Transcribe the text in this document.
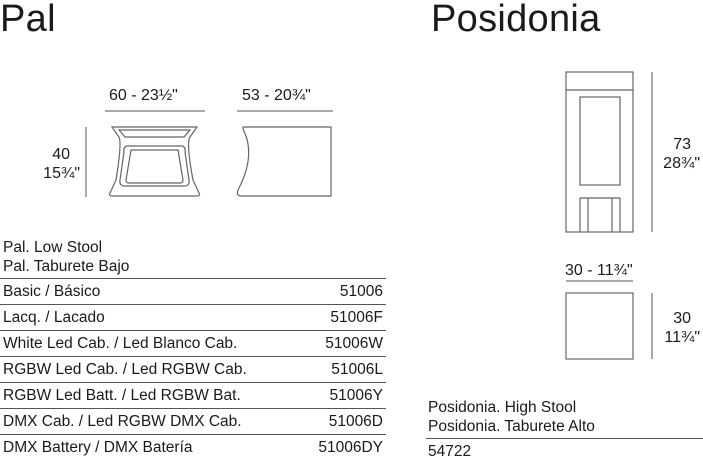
Pal
60 - 23½"	53 - 20¾"
40
15¾"
Pal. Low Stool
Pal. Taburete Bajo
Basic / Básico	51006
Lacq. / Lacado	51006F
White Led Cab. / Led Blanco Cab.	51006W
RGBW Led Cab. / Led RGBW Cab.	51006L
RGBW Led Batt. / Led RGBW Bat.	51006Y
DMX Cab. / Led RGBW DMX Cab.	51006D
DMX Battery / DMX Batería	51006DY
Posidonia
73
28¾"
30 - 11¾"
30
11¾"
Posidonia. High Stool
Posidonia. Taburete Alto
54722
